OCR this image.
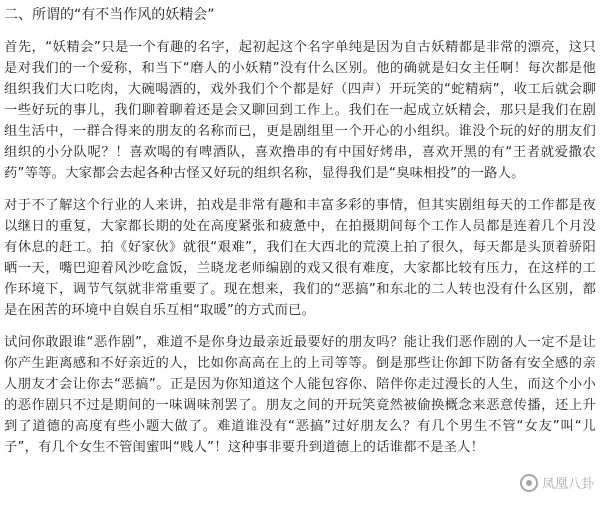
二、所谓的“有不当作风的妖精会”

首先，“妖精会”只是一个有趣的名字，起初起这个名字单纯是因为自古妖精都是非常的漂亮，这只是对我们的一个爱称，和当下“磨人的小妖精”没有什么区别。他的确就是妇女主任啊！每次都是他组织我们大口吃肉，大碗喝酒的，戏外我们个个都是好（四声）开玩笑的“蛇精病”，收工后就会聊一些好玩的事儿，我们聊着聊着还是会又聊回到工作上。我们在一起成立妖精会，那只是我们在剧组生活中，一群合得来的朋友的名称而已，更是剧组里一个开心的小组织。谁没个玩的好的朋友们组织的小分队呢？！喜欢喝的有啤酒队，喜欢撸串的有中国好烤串，喜欢开黑的有“王者就爱撒农药”等等。大家都会去起各种古怪又好玩的组织名称，显得我们是“臭味相投”的一路人。

对于不了解这个行业的人来讲，拍戏是非常有趣和丰富多彩的事情，但其实剧组每天的工作都是夜以继日的重复，大家都长期的处在高度紧张和疲惫中，在拍摄期间每个工作人员都是连着几个月没有休息的赶工。拍《好家伙》就很“艰难”，我们在大西北的荒漠上拍了很久，每天都是头顶着骄阳晒一天，嘴巴迎着风沙吃盒饭，兰晓龙老师编剧的戏又很有难度，大家都比较有压力，在这样的工作环境下，调节气氛就非常重要了。现在想来，我们的“恶搞”和东北的二人转也没有什么区别，都是在困苦的环境中自娱自乐互相“取暖”的方式而已。

试问你敢跟谁“恶作剧”，难道不是你身边最亲近最要好的朋友吗？能让我们恶作剧的人一定不是让你产生距离感和不好亲近的人，比如你高高在上的上司等等。倒是那些让你卸下防备有安全感的亲人朋友才会让你去“恶搞”。正是因为你知道这个人能包容你、陪伴你走过漫长的人生，而这个小小的恶作剧只不过是期间的一味调味剂罢了。朋友之间的开玩笑竟然被偷换概念来恶意传播，还上升到了道德的高度有些小题大做了。难道谁没有“恶搞”过好朋友么？有几个男生不管“女友”叫“儿子”，有几个女生不管闺蜜叫“贱人”！这种事非要升到道德上的话谁都不是圣人！

凤凰八卦
